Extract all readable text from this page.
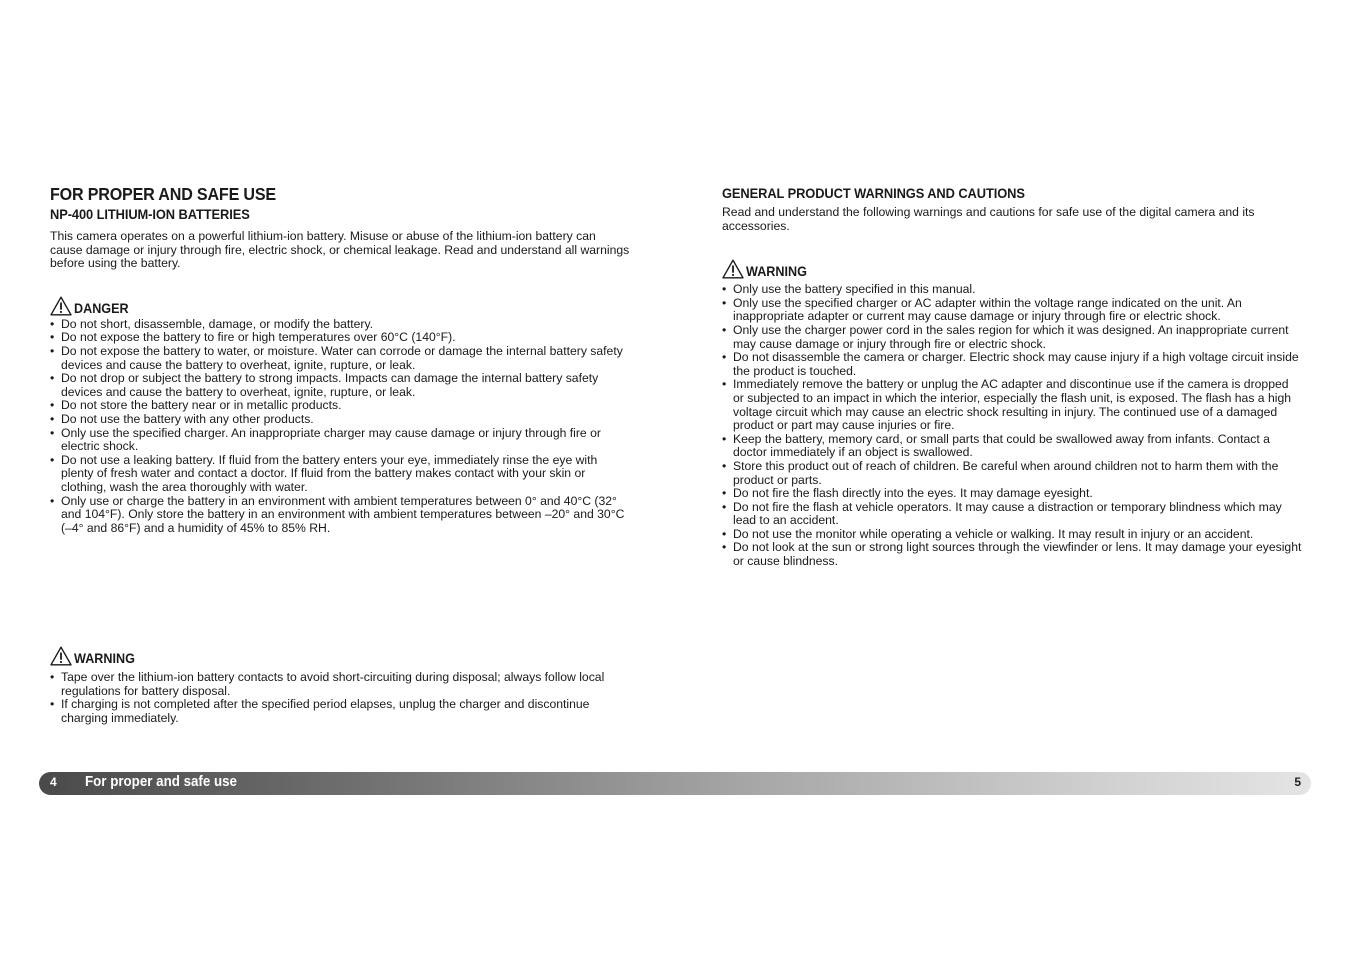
FOR PROPER AND SAFE USE
NP-400 LITHIUM-ION BATTERIES

This camera operates on a powerful lithium-ion battery. Misuse or abuse of the lithium-ion battery can cause damage or injury through fire, electric shock, or chemical leakage. Read and understand all warnings before using the battery.

DANGER
• Do not short, disassemble, damage, or modify the battery.
• Do not expose the battery to fire or high temperatures over 60°C (140°F).
• Do not expose the battery to water, or moisture. Water can corrode or damage the internal battery safety devices and cause the battery to overheat, ignite, rupture, or leak.
• Do not drop or subject the battery to strong impacts. Impacts can damage the internal battery safety devices and cause the battery to overheat, ignite, rupture, or leak.
• Do not store the battery near or in metallic products.
• Do not use the battery with any other products.
• Only use the specified charger. An inappropriate charger may cause damage or injury through fire or electric shock.
• Do not use a leaking battery. If fluid from the battery enters your eye, immediately rinse the eye with plenty of fresh water and contact a doctor. If fluid from the battery makes contact with your skin or clothing, wash the area thoroughly with water.
• Only use or charge the battery in an environment with ambient temperatures between 0° and 40°C (32° and 104°F). Only store the battery in an environment with ambient temperatures between –20° and 30°C (–4° and 86°F) and a humidity of 45% to 85% RH.
WARNING
• Tape over the lithium-ion battery contacts to avoid short-circuiting during disposal; always follow local regulations for battery disposal.
• If charging is not completed after the specified period elapses, unplug the charger and discontinue charging immediately.
GENERAL PRODUCT WARNINGS AND CAUTIONS

Read and understand the following warnings and cautions for safe use of the digital camera and its accessories.

WARNING
• Only use the battery specified in this manual.
• Only use the specified charger or AC adapter within the voltage range indicated on the unit. An inappropriate adapter or current may cause damage or injury through fire or electric shock.
• Only use the charger power cord in the sales region for which it was designed. An inappropriate current may cause damage or injury through fire or electric shock.
• Do not disassemble the camera or charger. Electric shock may cause injury if a high voltage circuit inside the product is touched.
• Immediately remove the battery or unplug the AC adapter and discontinue use if the camera is dropped or subjected to an impact in which the interior, especially the flash unit, is exposed. The flash has a high voltage circuit which may cause an electric shock resulting in injury. The continued use of a damaged product or part may cause injuries or fire.
• Keep the battery, memory card, or small parts that could be swallowed away from infants. Contact a doctor immediately if an object is swallowed.
• Store this product out of reach of children. Be careful when around children not to harm them with the product or parts.
• Do not fire the flash directly into the eyes. It may damage eyesight.
• Do not fire the flash at vehicle operators. It may cause a distraction or temporary blindness which may lead to an accident.
• Do not use the monitor while operating a vehicle or walking. It may result in injury or an accident.
• Do not look at the sun or strong light sources through the viewfinder or lens. It may damage your eyesight or cause blindness.
4 For proper and safe use	5
